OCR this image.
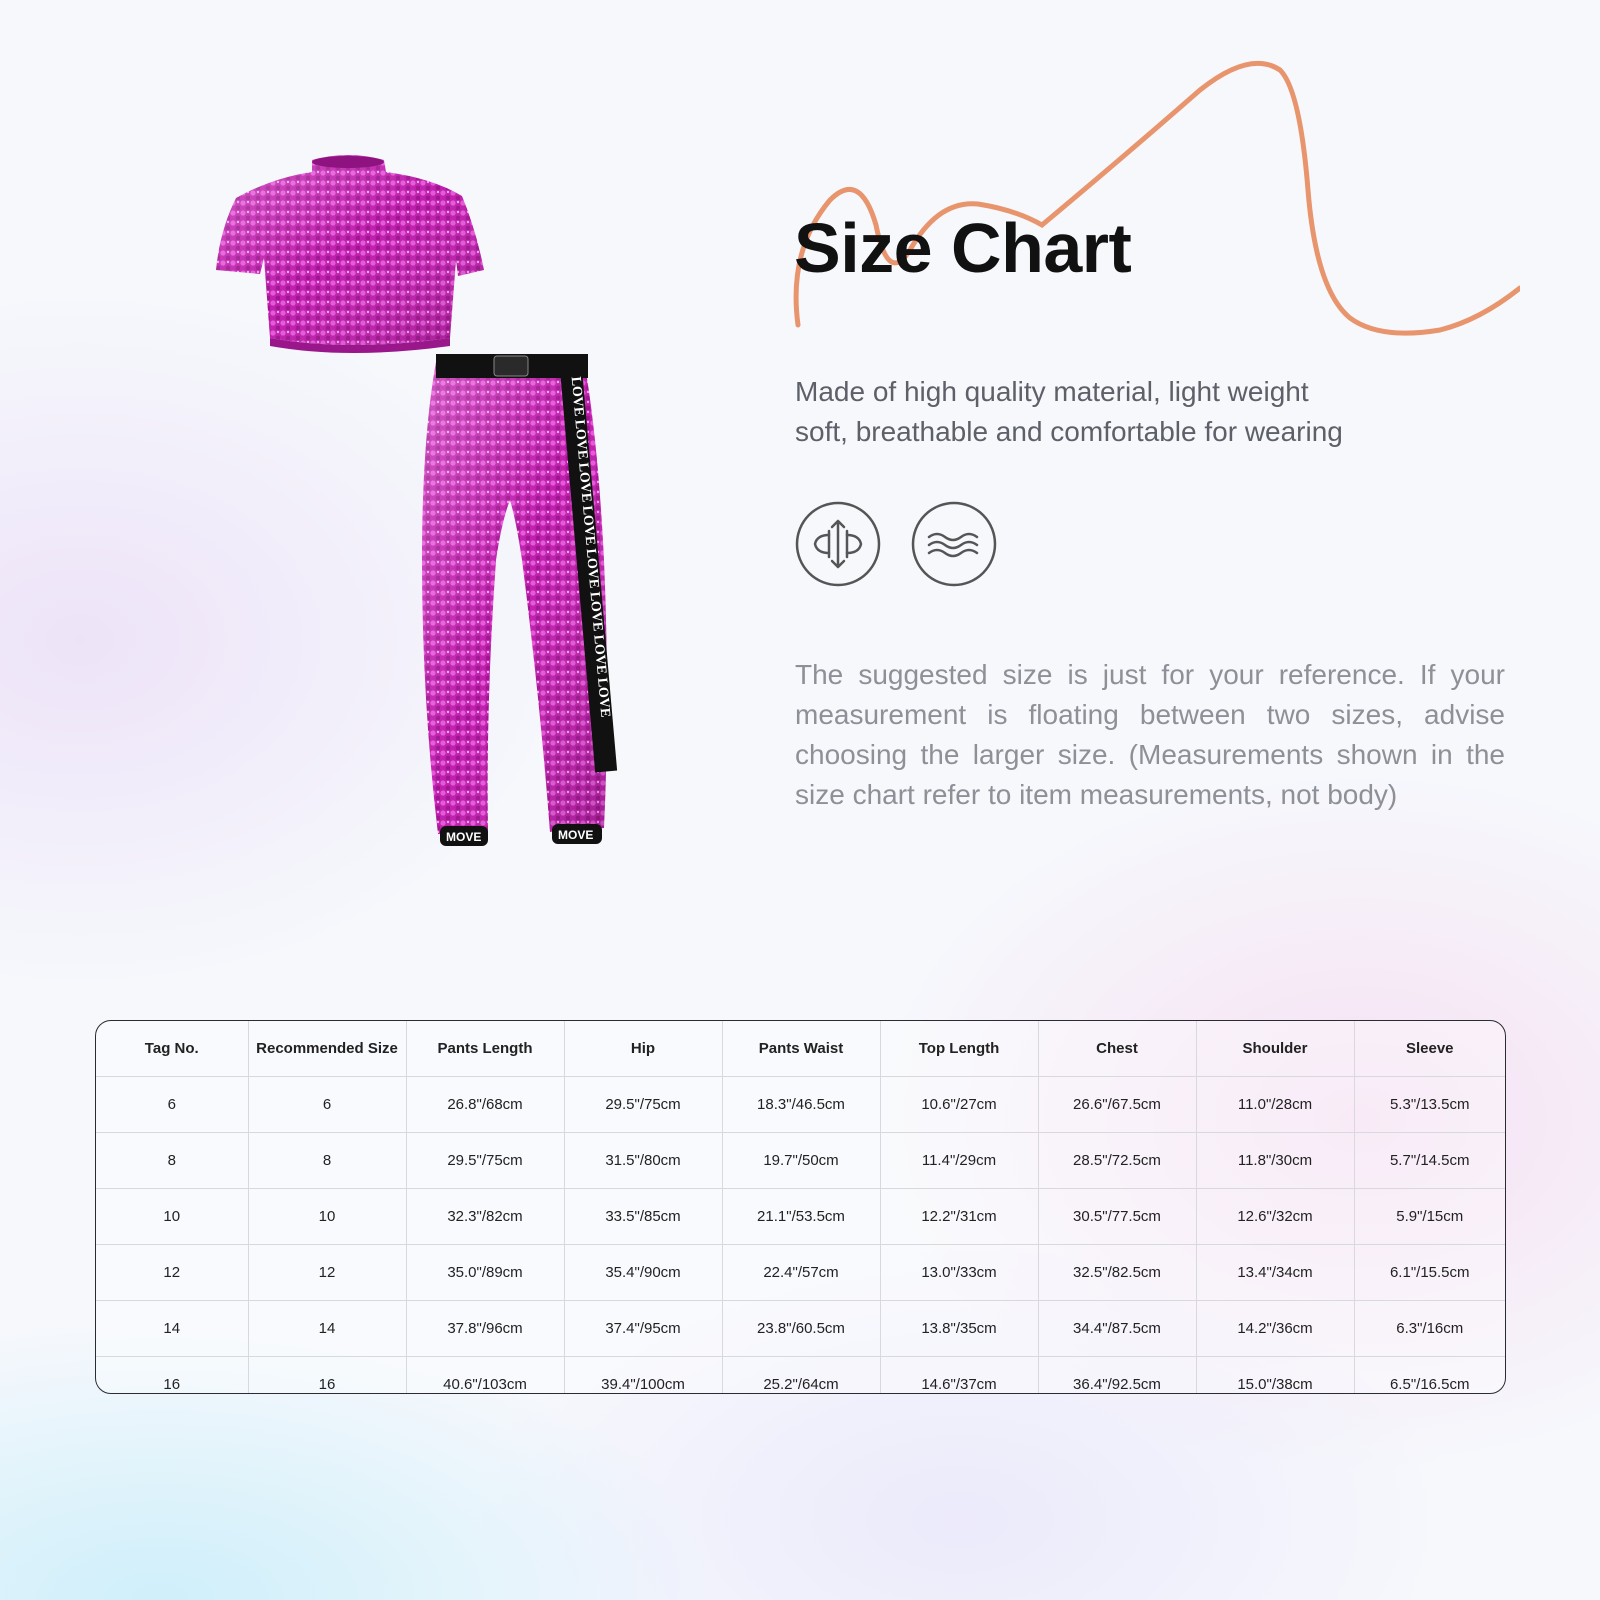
LOVE LOVE LOVE LOVE LOVE LOVE LOVE LOVE
MOVE	MOVE
Size Chart
Made of high quality material, light weight
soft, breathable and comfortable for wearing
The suggested size is just for your reference. If your measurement is floating between two sizes, advise choosing the larger size. (Measurements shown in the size chart refer to item measurements, not body)
Tag No.	Recommended Size	Pants Length	Hip	Pants Waist	Top Length	Chest	Shoulder	Sleeve
6	6	26.8"/68cm	29.5"/75cm	18.3"/46.5cm	10.6"/27cm	26.6"/67.5cm	11.0"/28cm	5.3"/13.5cm
8	8	29.5"/75cm	31.5"/80cm	19.7"/50cm	11.4"/29cm	28.5"/72.5cm	11.8"/30cm	5.7"/14.5cm
10	10	32.3"/82cm	33.5"/85cm	21.1"/53.5cm	12.2"/31cm	30.5"/77.5cm	12.6"/32cm	5.9"/15cm
12	12	35.0"/89cm	35.4"/90cm	22.4"/57cm	13.0"/33cm	32.5"/82.5cm	13.4"/34cm	6.1"/15.5cm
14	14	37.8"/96cm	37.4"/95cm	23.8"/60.5cm	13.8"/35cm	34.4"/87.5cm	14.2"/36cm	6.3"/16cm
16	16	40.6"/103cm	39.4"/100cm	25.2"/64cm	14.6"/37cm	36.4"/92.5cm	15.0"/38cm	6.5"/16.5cm
